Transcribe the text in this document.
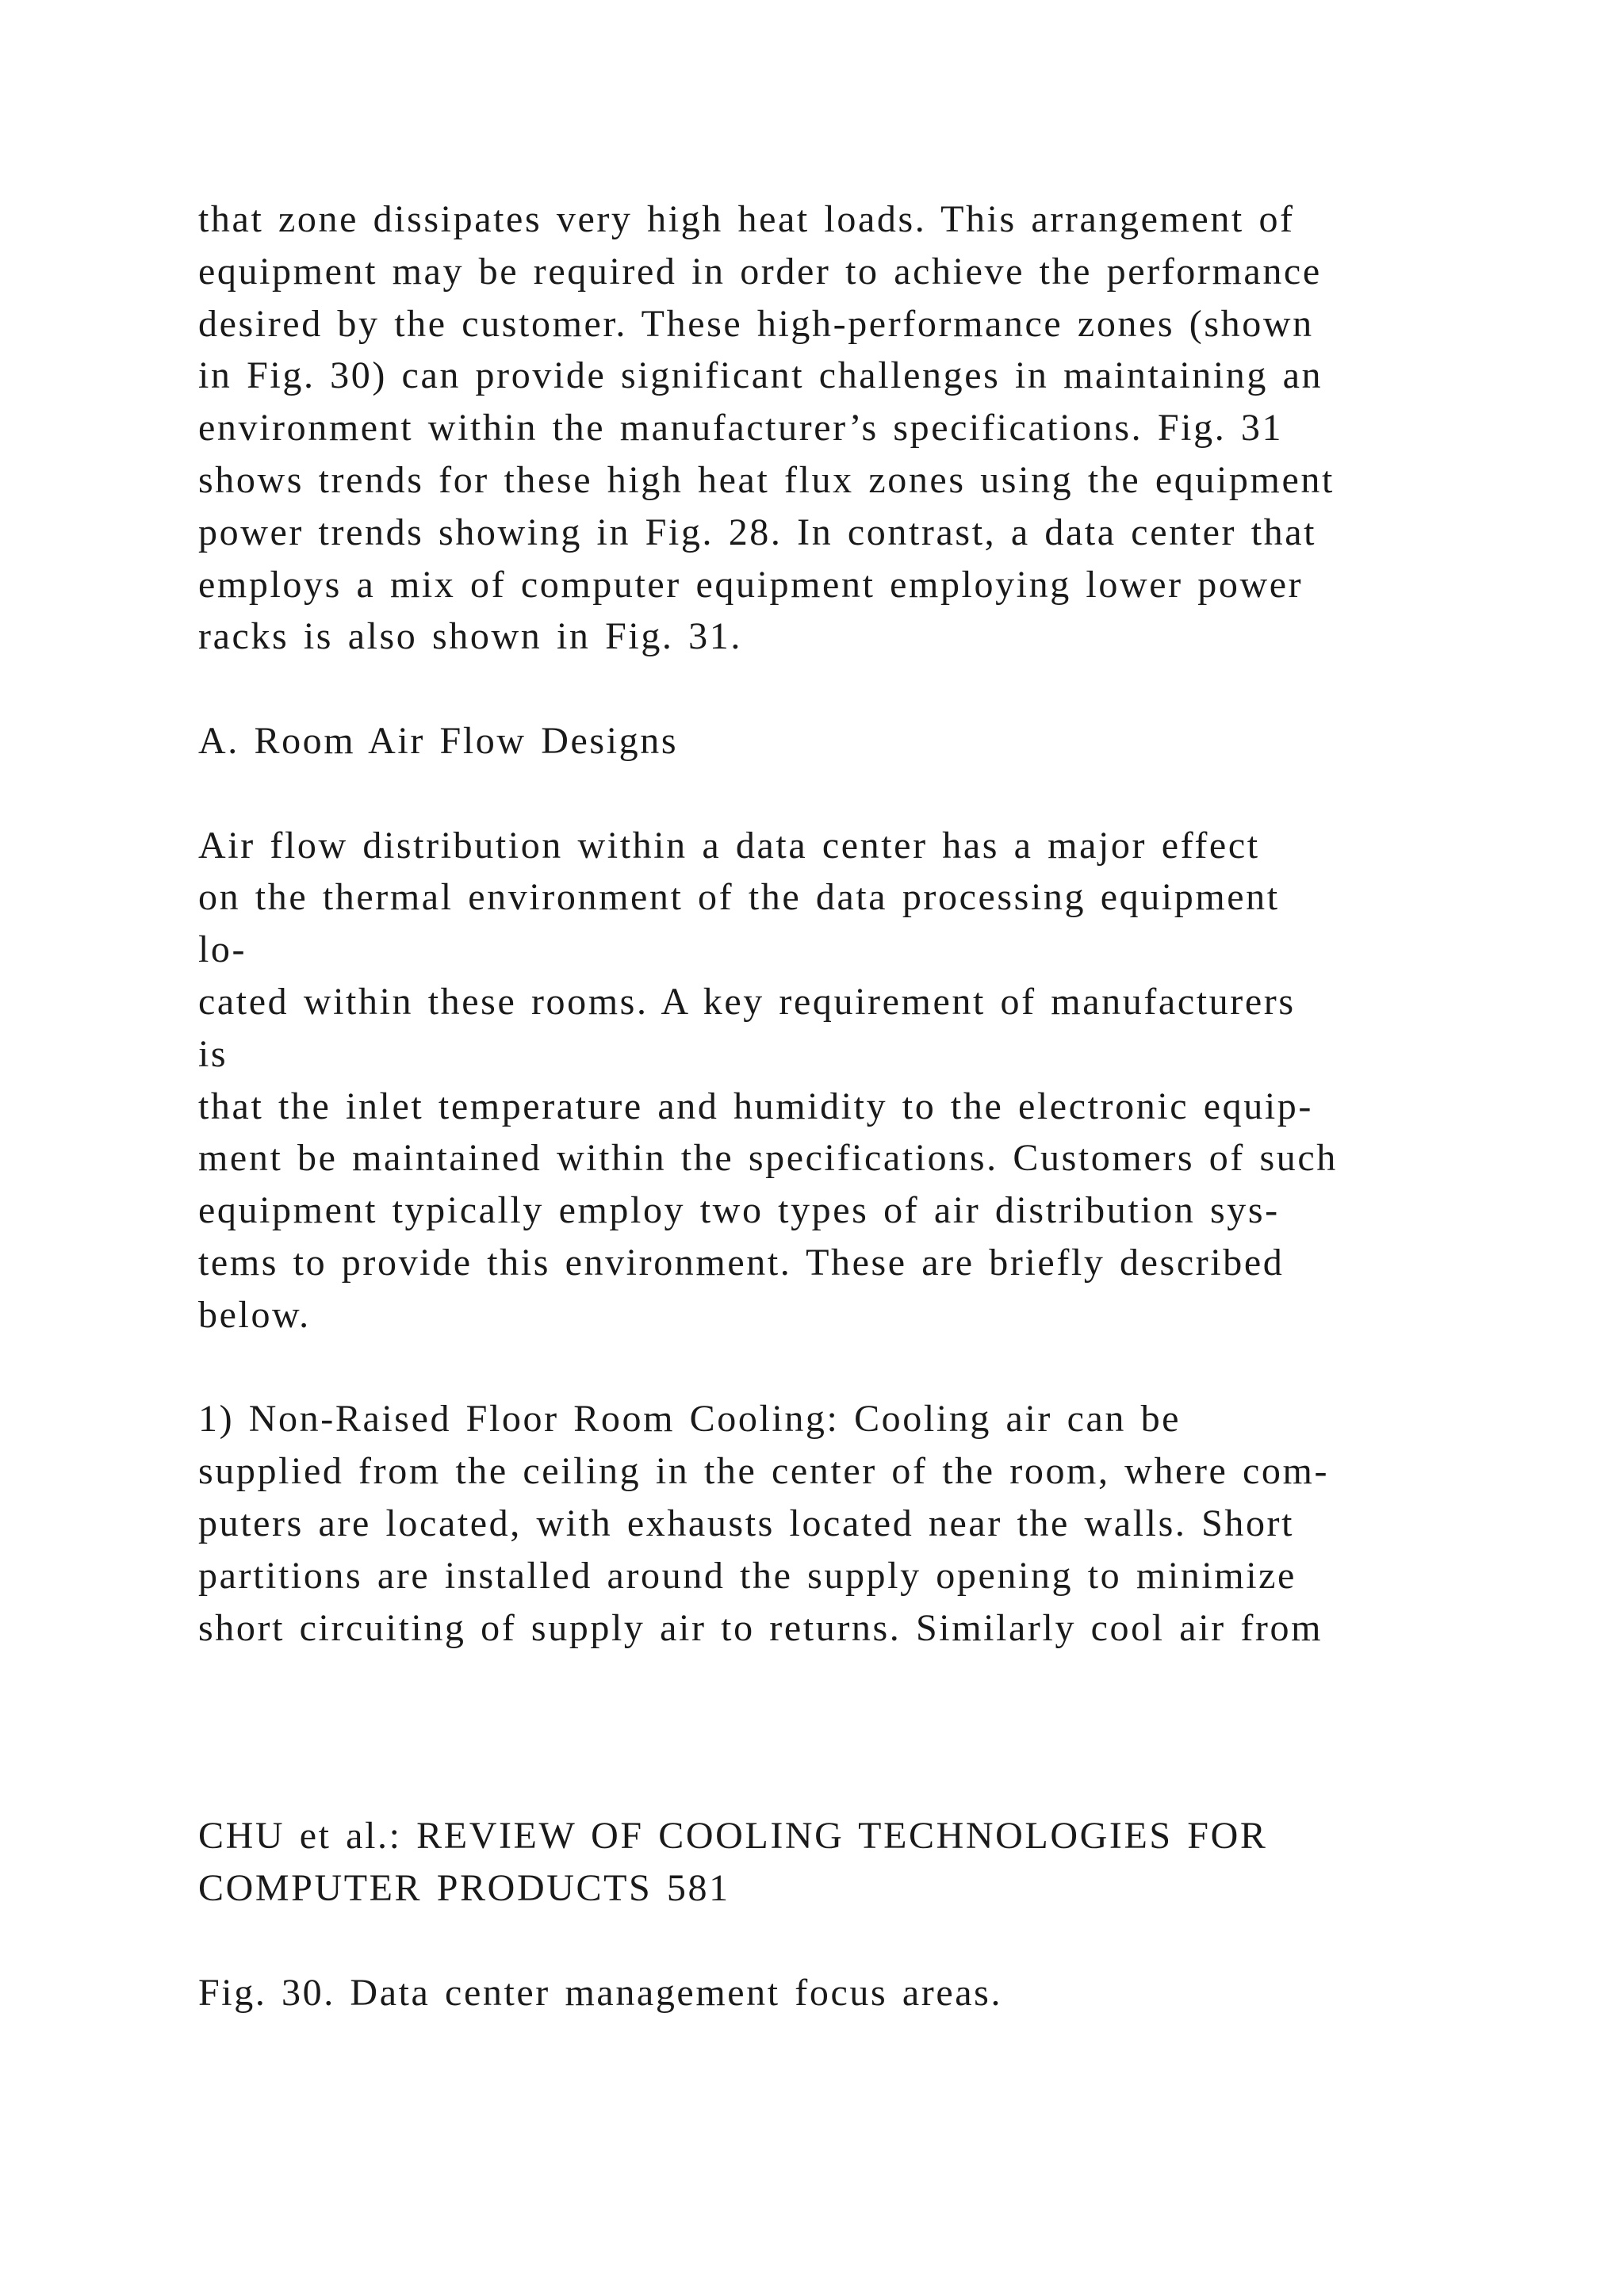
that zone dissipates very high heat loads. This arrangement of
equipment may be required in order to achieve the performance
desired by the customer. These high-performance zones (shown
in Fig. 30) can provide significant challenges in maintaining an
environment within the manufacturer’s specifications. Fig. 31
shows trends for these high heat flux zones using the equipment
power trends showing in Fig. 28. In contrast, a data center that
employs a mix of computer equipment employing lower power
racks is also shown in Fig. 31.

A. Room Air Flow Designs

Air flow distribution within a data center has a major effect
on the thermal environment of the data processing equipment
lo-
cated within these rooms. A key requirement of manufacturers
is
that the inlet temperature and humidity to the electronic equip-
ment be maintained within the specifications. Customers of such
equipment typically employ two types of air distribution sys-
tems to provide this environment. These are briefly described
below.

1) Non-Raised Floor Room Cooling: Cooling air can be
supplied from the ceiling in the center of the room, where com-
puters are located, with exhausts located near the walls. Short
partitions are installed around the supply opening to minimize
short circuiting of supply air to returns. Similarly cool air from

CHU et al.: REVIEW OF COOLING TECHNOLOGIES FOR
COMPUTER PRODUCTS 581

Fig. 30. Data center management focus areas.
